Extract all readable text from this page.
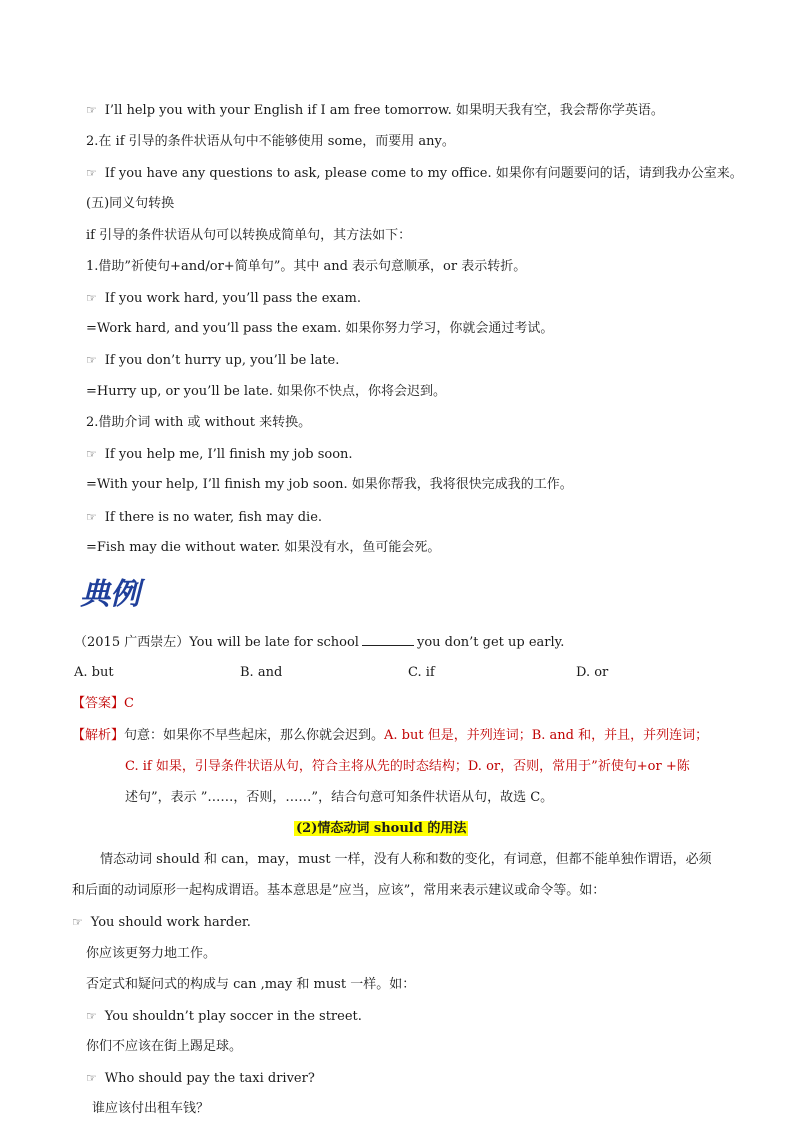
☞ I’ll help you with your English if I am free tomorrow. 如果明天我有空，我会帮你学英语。
2.在 if 引导的条件状语从句中不能够使用 some，而要用 any。
☞ If you have any questions to ask, please come to my office. 如果你有问题要问的话，请到我办公室来。
(五)同义句转换
if 引导的条件状语从句可以转换成简单句，其方法如下：
1.借助”祈使句+and/or+简单句”。其中 and 表示句意顺承，or 表示转折。
☞ If you work hard, you’ll pass the exam.
=Work hard, and you’ll pass the exam. 如果你努力学习，你就会通过考试。
☞ If you don’t hurry up, you’ll be late.
=Hurry up, or you’ll be late. 如果你不快点，你将会迟到。
2.借助介词 with 或 without 来转换。
☞ If you help me, I’ll finish my job soon.
=With your help, I’ll finish my job soon. 如果你帮我，我将很快完成我的工作。
☞ If there is no water, fish may die.
=Fish may die without water. 如果没有水，鱼可能会死。
典例
（2015 广西崇左）You will be late for school	you don’t get up early.
A. but	B. and	C. if	D. or
【答案】C
【解析】句意：如果你不早些起床，那么你就会迟到。A. but 但是，并列连词；B. and 和，并且，并列连词；
C. if 如果，引导条件状语从句，符合主将从先的时态结构；D. or，否则，常用于”祈使句+or +陈
述句”，表示 ”……，否则，……”，结合句意可知条件状语从句，故选 C。
(2)情态动词 should 的用法
情态动词 should 和 can，may，must 一样，没有人称和数的变化，有词意，但都不能单独作谓语，必须
和后面的动词原形一起构成谓语。基本意思是”应当，应该”，常用来表示建议或命令等。如：
☞ You should work harder.
你应该更努力地工作。
否定式和疑问式的构成与 can ,may 和 must 一样。如：
☞ You shouldn’t play soccer in the street.
你们不应该在街上踢足球。
☞ Who should pay the taxi driver?
谁应该付出租车钱？
